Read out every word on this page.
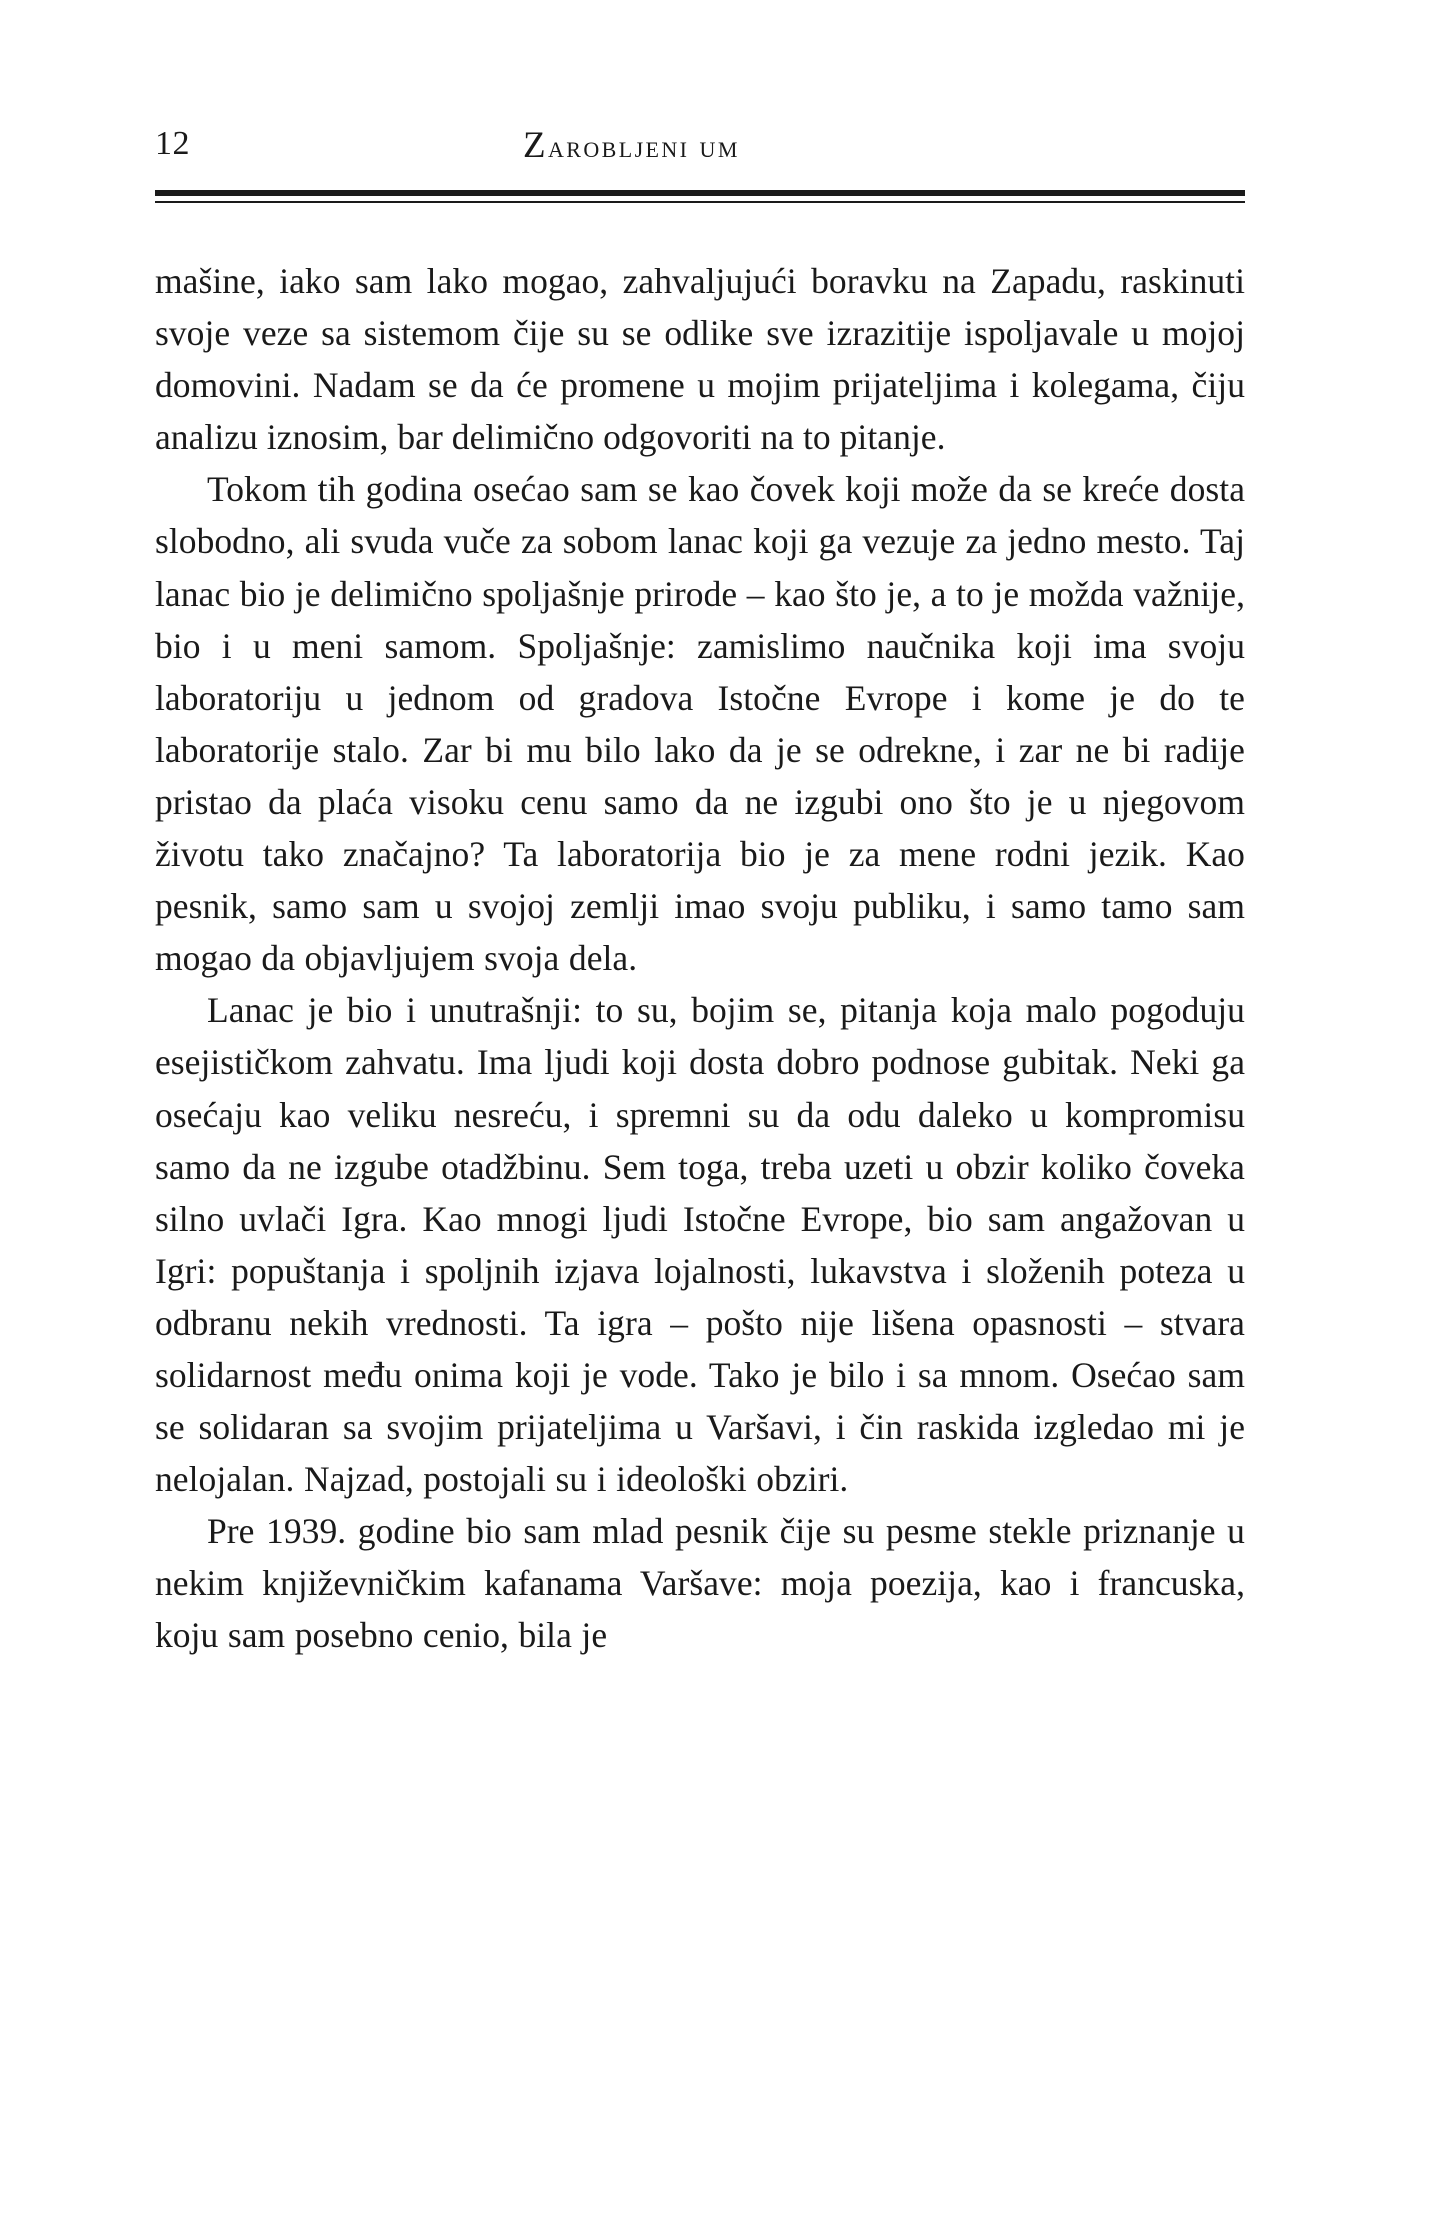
12	Zarobljeni um

mašine, iako sam lako mogao, zahvaljujući boravku na Zapadu, raskinuti svoje veze sa sistemom čije su se odlike sve izrazitije ispoljavale u mojoj domovini. Nadam se da će promene u mojim prijateljima i kolegama, čiju analizu iznosim, bar delimično odgovoriti na to pitanje.

Tokom tih godina osećao sam se kao čovek koji može da se kreće dosta slobodno, ali svuda vuče za sobom lanac koji ga vezuje za jedno mesto. Taj lanac bio je delimično spoljašnje prirode – kao što je, a to je možda važnije, bio i u meni samom. Spoljašnje: zamislimo naučnika koji ima svoju laboratoriju u jednom od gradova Istočne Evrope i kome je do te laboratorije stalo. Zar bi mu bilo lako da je se odrekne, i zar ne bi radije pristao da plaća visoku cenu samo da ne izgubi ono što je u njegovom životu tako značajno? Ta laboratorija bio je za mene rodni jezik. Kao pesnik, samo sam u svojoj zemlji imao svoju publiku, i samo tamo sam mogao da objavljujem svoja dela.

Lanac je bio i unutrašnji: to su, bojim se, pitanja koja malo pogoduju esejističkom zahvatu. Ima ljudi koji dosta dobro podnose gubitak. Neki ga osećaju kao veliku nesreću, i spremni su da odu daleko u kompromisu samo da ne izgube otadžbinu. Sem toga, treba uzeti u obzir koliko čoveka silno uvlači Igra. Kao mnogi ljudi Istočne Evrope, bio sam angažovan u Igri: popuštanja i spoljnih izjava lojalnosti, lukavstva i složenih poteza u odbranu nekih vrednosti. Ta igra – pošto nije lišena opasnosti – stvara solidarnost među onima koji je vode. Tako je bilo i sa mnom. Osećao sam se solidaran sa svojim prijateljima u Varšavi, i čin raskida izgledao mi je nelojalan. Najzad, postojali su i ideološki obziri.

Pre 1939. godine bio sam mlad pesnik čije su pesme stekle priznanje u nekim književničkim kafanama Varšave: moja poezija, kao i francuska, koju sam posebno cenio, bila je
